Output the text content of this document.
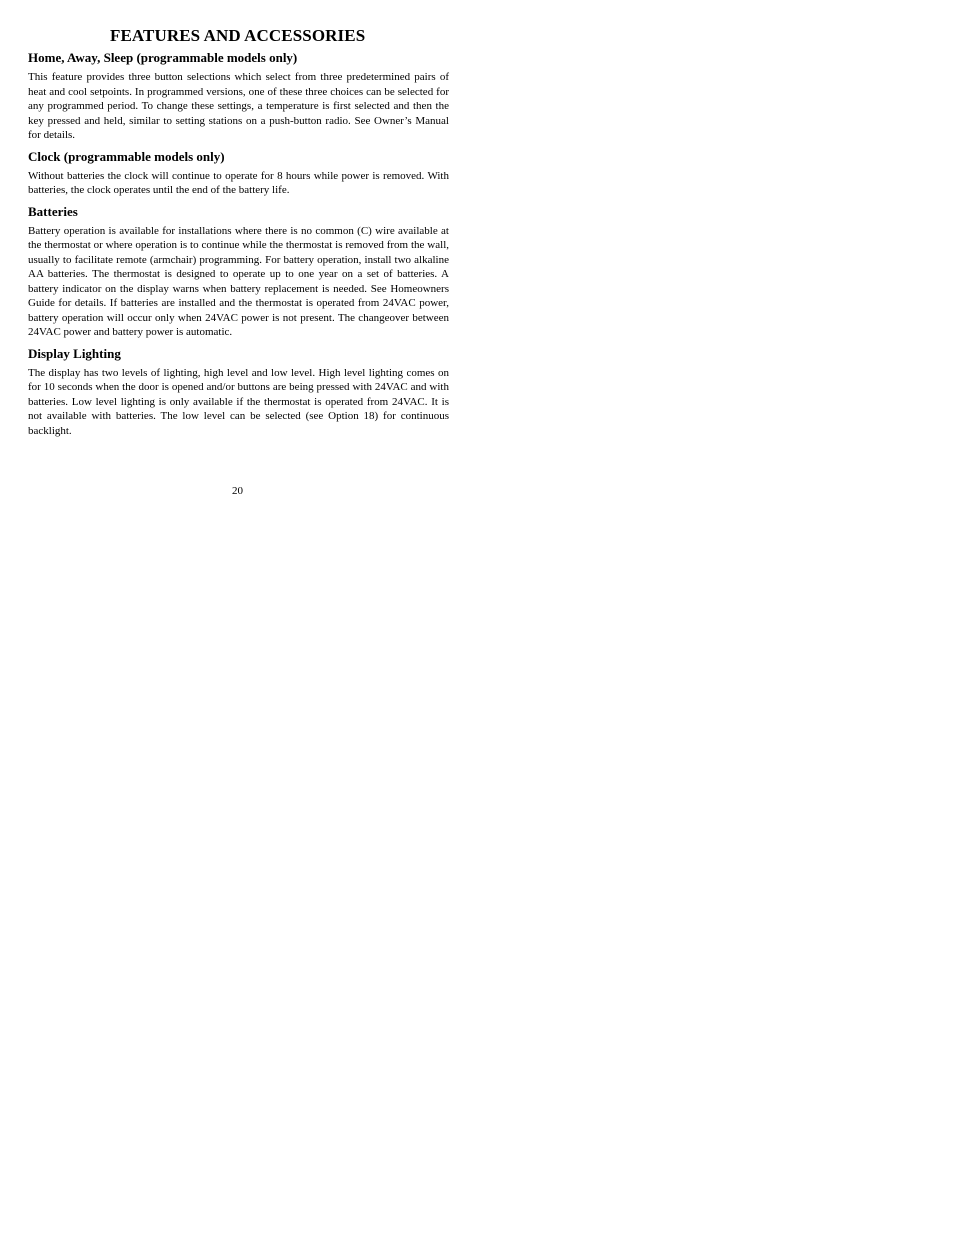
FEATURES AND ACCESSORIES
Home, Away, Sleep (programmable models only)

This feature provides three button selections which select from three predetermined pairs of heat and cool setpoints. In programmed versions, one of these three choices can be selected for any programmed period. To change these settings, a temperature is first selected and then the key pressed and held, similar to setting stations on a push‐button radio. See Owner’s Manual for details.

Clock (programmable models only)

Without batteries the clock will continue to operate for 8 hours while power is removed. With batteries, the clock operates until the end of the battery life.

Batteries

Battery operation is available for installations where there is no common (C) wire available at the thermostat or where operation is to continue while the thermostat is removed from the wall, usually to facilitate remote (armchair) programming. For battery operation, install two alkaline AA batteries. The thermostat is designed to operate up to one year on a set of batteries. A battery indicator on the display warns when battery replacement is needed. See Homeowners Guide for details. If batteries are installed and the thermostat is operated from 24VAC power, battery operation will occur only when 24VAC power is not present. The changeover between 24VAC power and battery power is automatic.

Display Lighting

The display has two levels of lighting, high level and low level. High level lighting comes on for 10 seconds when the door is opened and/or buttons are being pressed with 24VAC and with batteries. Low level lighting is only available if the thermostat is operated from 24VAC. It is not available with batteries. The low level can be selected (see Option 18) for continuous backlight.

20
